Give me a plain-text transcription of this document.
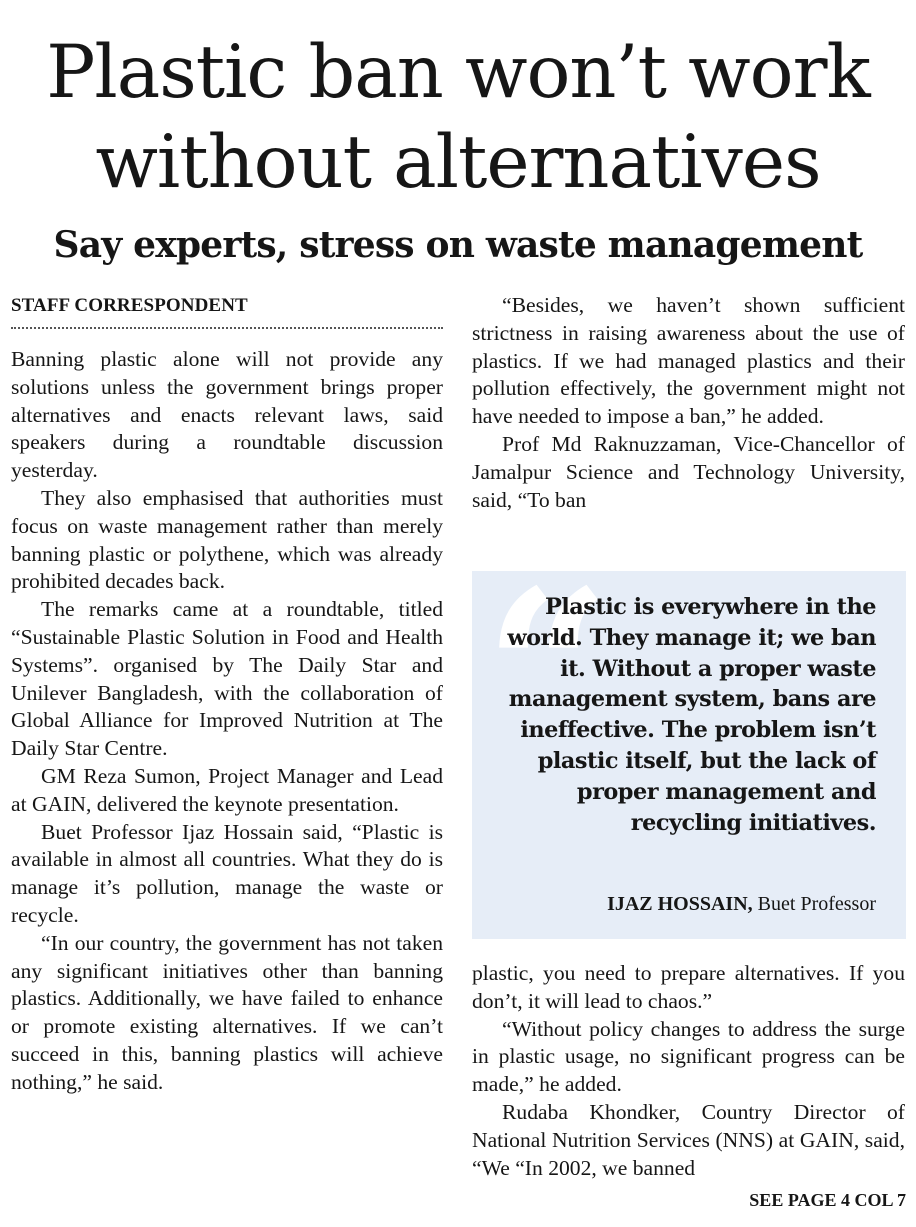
Plastic ban won’t work
without alternatives
Say experts, stress on waste management
STAFF CORRESPONDENT

Banning plastic alone will not provide any solutions unless the government brings proper alternatives and enacts relevant laws, said speakers during a roundtable discussion yesterday.

They also emphasised that authorities must focus on waste management rather than merely banning plastic or polythene, which was already prohibited decades back.

The remarks came at a roundtable, titled “Sustainable Plastic Solution in Food and Health Systems”. organised by The Daily Star and Unilever Bangladesh, with the collaboration of Global Alliance for Improved Nutrition at The Daily Star Centre.

GM Reza Sumon, Project Manager and Lead at GAIN, delivered the keynote presentation.

Buet Professor Ijaz Hossain said, “Plastic is available in almost all countries. What they do is manage it’s pollution, manage the waste or recycle.

“In our country, the government has not taken any significant initiatives other than banning plastics. Additionally, we have failed to enhance or promote existing alternatives. If we can’t succeed in this, banning plastics will achieve nothing,” he said.

“Besides, we haven’t shown sufficient strictness in raising awareness about the use of plastics. If we had managed plastics and their pollution effectively, the government might not have needed to impose a ban,” he added.

Prof Md Raknuzzaman, Vice-Chancellor of Jamalpur Science and Technology University, said, “To ban

“

Plastic is everywhere in the world. They manage it; we ban it. Without a proper waste management system, bans are ineffective. The problem isn’t plastic itself, but the lack of proper management and recycling initiatives.

IJAZ HOSSAIN, Buet Professor

plastic, you need to prepare alternatives. If you don’t, it will lead to chaos.”

“Without policy changes to address the surge in plastic usage, no significant progress can be made,” he added.

Rudaba Khondker, Country Director of National Nutrition Services (NNS) at GAIN, said, “We “In 2002, we banned

SEE PAGE 4 COL 7
